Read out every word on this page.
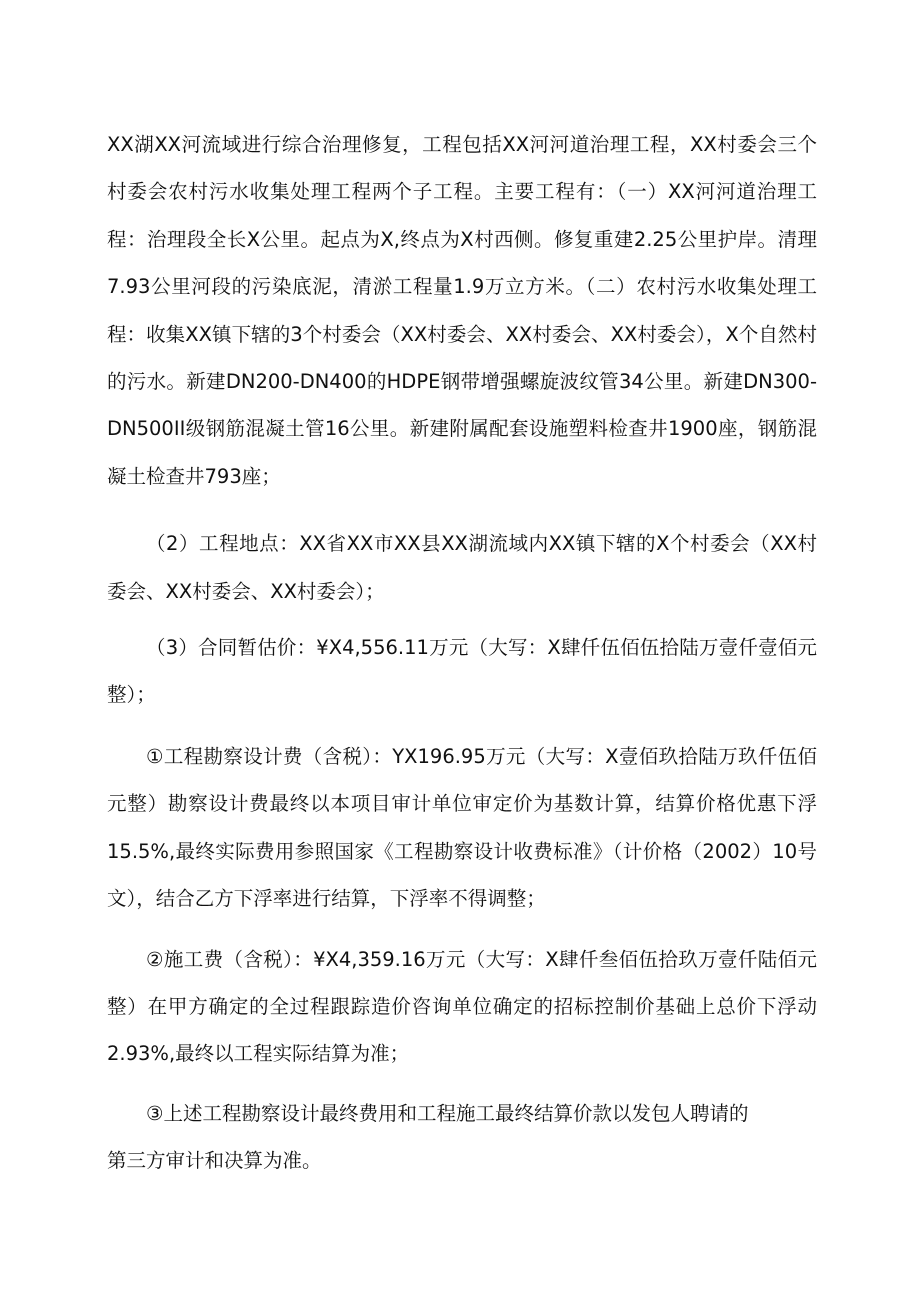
XX湖XX河流域进行综合治理修复，工程包括XX河河道治理工程，XX村委会三个村委会农村污水收集处理工程两个子工程。主要工程有：（一）XX河河道治理工程：治理段全长X公里。起点为X,终点为X村西侧。修复重建2.25公里护岸。清理7.93公里河段的污染底泥，清淤工程量1.9万立方米。（二）农村污水收集处理工程：收集XX镇下辖的3个村委会（XX村委会、XX村委会、XX村委会），X个自然村的污水。新建DN200-DN400的HDPE钢带增强螺旋波纹管34公里。新建DN300-DN500II级钢筋混凝土管16公里。新建附属配套设施塑料检查井1900座，钢筋混凝土检查井793座；

（2）工程地点：XX省XX市XX县XX湖流域内XX镇下辖的X个村委会（XX村委会、XX村委会、XX村委会）；

（3）合同暂估价：¥X4,556.11万元（大写：X肆仟伍佰伍拾陆万壹仟壹佰元整）；

①工程勘察设计费（含税）：YX196.95万元（大写：X壹佰玖拾陆万玖仟伍佰元整）勘察设计费最终以本项目审计单位审定价为基数计算，结算价格优惠下浮15.5%,最终实际费用参照国家《工程勘察设计收费标准》（计价格（2002）10号文），结合乙方下浮率进行结算，下浮率不得调整；

②施工费（含税）：¥X4,359.16万元（大写：X肆仟叁佰伍拾玖万壹仟陆佰元整）在甲方确定的全过程跟踪造价咨询单位确定的招标控制价基础上总价下浮动2.93%,最终以工程实际结算为准；

③上述工程勘察设计最终费用和工程施工最终结算价款以发包人聘请的第三方审计和决算为准。
